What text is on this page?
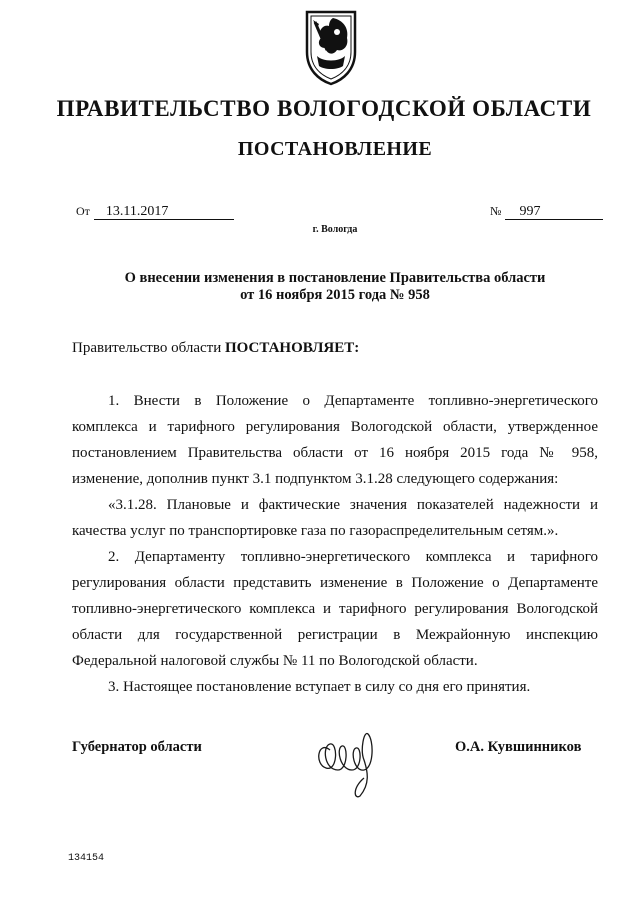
ПРАВИТЕЛЬСТВО ВОЛОГОДСКОЙ ОБЛАСТИ
ПОСТАНОВЛЕНИЕ
От 13.11.2017	№ 997
г. Вологда
О внесении изменения в постановление Правительства области
от 16 ноября 2015 года № 958
Правительство области ПОСТАНОВЛЯЕТ:

1. Внести в Положение о Департаменте топливно-энергетического комплекса и тарифного регулирования Вологодской области, утвержденное постановлением Правительства области от 16 ноября 2015 года № 958, изменение, дополнив пункт 3.1 подпунктом 3.1.28 следующего содержания:

«3.1.28. Плановые и фактические значения показателей надежности и качества услуг по транспортировке газа по газораспределительным сетям.».

2. Департаменту топливно-энергетического комплекса и тарифного регулирования области представить изменение в Положение о Департаменте топливно-энергетического комплекса и тарифного регулирования Вологодской области для государственной регистрации в Межрайонную инспекцию Федеральной налоговой службы № 11 по Вологодской области.

3. Настоящее постановление вступает в силу со дня его принятия.

Губернатор области	О.А. Кувшинников
134154
